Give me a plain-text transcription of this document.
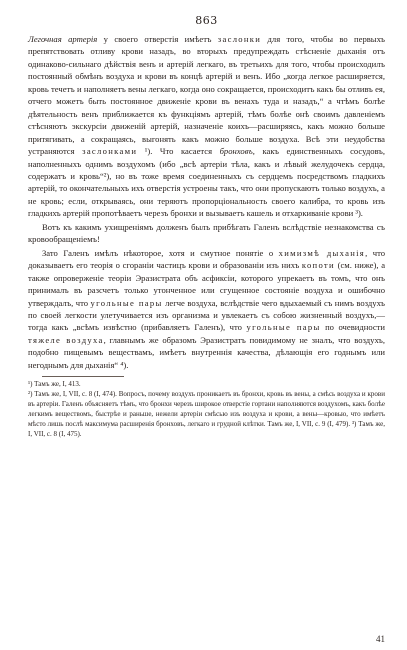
863

Легочная артерія у своего отверстія имѣетъ заслонки для того, чтобы во первыхъ препятствовать отливу крови назадъ, во вторыхъ предупреждать стѣсненіе дыханія отъ одинаково-сильнаго дѣйствія венъ и артерій легкаго, въ третьихъ для того, чтобы происходилъ постоянный обмѣнъ воздуха и крови въ концѣ артерій и венъ. Ибо „когда легкое расширяется, кровь течетъ и наполняетъ вены легкаго, когда оно сокращается, происходитъ какъ бы отливъ ея, отчего можетъ быть постоянное движеніе крови въ венахъ туда и назадъ,“ а чтѣмъ болѣе дѣятельность венъ приближается къ функціямъ артерій, тѣмъ болѣе онѣ своимъ давленіемъ стѣсняютъ экскурсіи движеній артерій, назначеніе коихъ—расширяясь, какъ можно больше притягивать, а сокращаясь, выгонять какъ можно больше воздуха. Всѣ эти неудобства устраняются заслонками ¹). Что касается бронховъ, какъ единственныхъ сосудовъ, наполненныхъ однимъ воздухомъ (ибо „всѣ артеріи тѣла, какъ и лѣвый желудочекъ сердца, содержатъ и кровь“²), но въ тоже время соединенныхъ съ сердцемъ посредствомъ гладкихъ артерій, то окончательныхъ ихъ отверстія устроены такъ, что они пропускаютъ только воздухъ, а не кровь; если, открываясь, они теряютъ пропорціональность своего калибра, то кровь изъ гладкихъ артерій пропотѣваетъ черезъ бронхи и вызываетъ кашель и отхаркиваніе крови ³).

Вотъ къ какимъ ухищреніямъ долженъ былъ прибѣгать Галенъ вслѣдствіе незнакомства съ кровообращеніемъ!

Зато Галенъ имѣлъ нѣкоторое, хотя и смутное понятіе о химизмѣ дыханія, что доказываетъ его теорія о сгораніи частицъ крови и образованіи изъ нихъ копоти (см. ниже), а также опроверженіе теоріи Эразистрата объ асфиксіи, которого упрекаетъ въ томъ, что онъ принималъ въ разсчетъ только утонченное или сгущенное состояніе воздуха и ошибочно утверждалъ, что угольные пары легче воздуха, вслѣдствіе чего вдыхаемый съ нимъ воздухъ по своей легкости улетучивается изъ организма и увлекаетъ съ собою жизненный воздухъ,—тогда какъ „всѣмъ извѣстно (прибавляетъ Галенъ), что угольные пары по очевидности тяжеле воздуха, главнымъ же образомъ Эразистратъ повидимому не зналъ, что воздухъ, подобно пищевымъ веществамъ, имѣетъ внутреннія качества, дѣлающія его годнымъ или негоднымъ для дыханія“ ⁴).

¹) Тамъ же, I, 413.

²) Тамъ же, I, VII, с. 8 (I, 474). Вопросъ, почему воздухъ проникаетъ въ бронхи, кровь въ вены, а смѣсь воздуха и крови въ артеріи. Галенъ объясняетъ тѣмъ, что бронхи черезъ широкое отверстіе гортани наполняются воздухомъ, какъ болѣе легкимъ веществомъ, быстрѣе и раньше, нежели артеріи смѣсью изъ воздуха и крови, а вены—кровью, что имѣетъ мѣсто лишь послѣ максимума расширенія бронховъ, легкаго и грудной клѣтки. Тамъ же, I, VII, с. 9 (I, 479). ³) Тамъ же, I, VII, с. 8 (I, 475).

41
